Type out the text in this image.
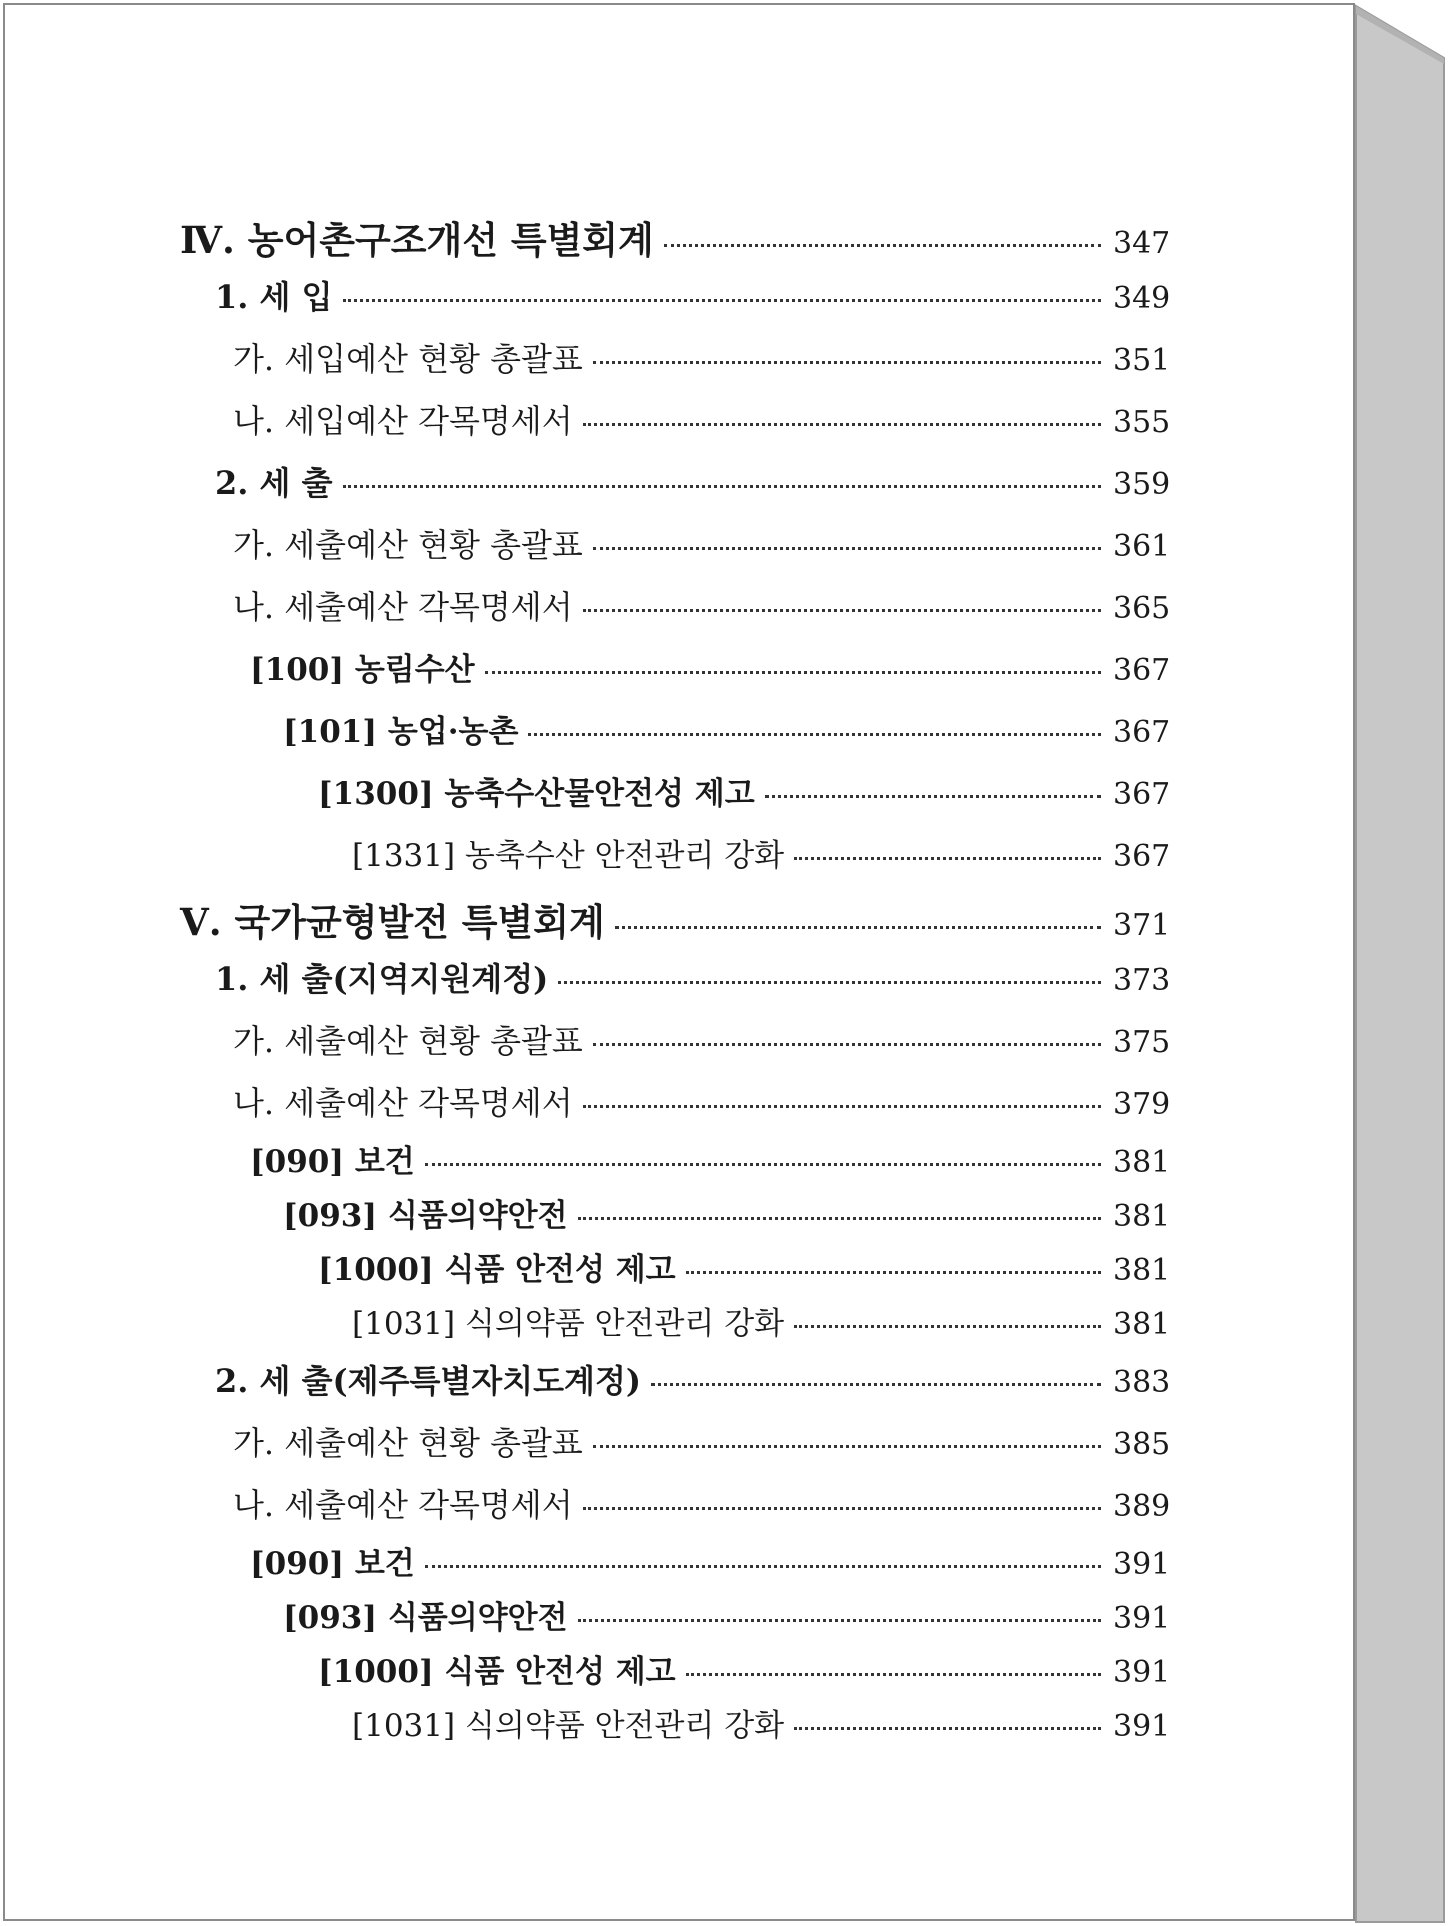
Ⅳ. 농어촌구조개선 특별회계	347
1. 세 입	349
가. 세입예산 현황 총괄표	351
나. 세입예산 각목명세서	355
2. 세 출	359
가. 세출예산 현황 총괄표	361
나. 세출예산 각목명세서	365
[100] 농림수산	367
[101] 농업·농촌	367
[1300] 농축수산물안전성 제고	367
[1331] 농축수산 안전관리 강화	367
Ⅴ. 국가균형발전 특별회계	371
1. 세 출(지역지원계정)	373
가. 세출예산 현황 총괄표	375
나. 세출예산 각목명세서	379
[090] 보건	381
[093] 식품의약안전	381
[1000] 식품 안전성 제고	381
[1031] 식의약품 안전관리 강화	381
2. 세 출(제주특별자치도계정)	383
가. 세출예산 현황 총괄표	385
나. 세출예산 각목명세서	389
[090] 보건	391
[093] 식품의약안전	391
[1000] 식품 안전성 제고	391
[1031] 식의약품 안전관리 강화	391
